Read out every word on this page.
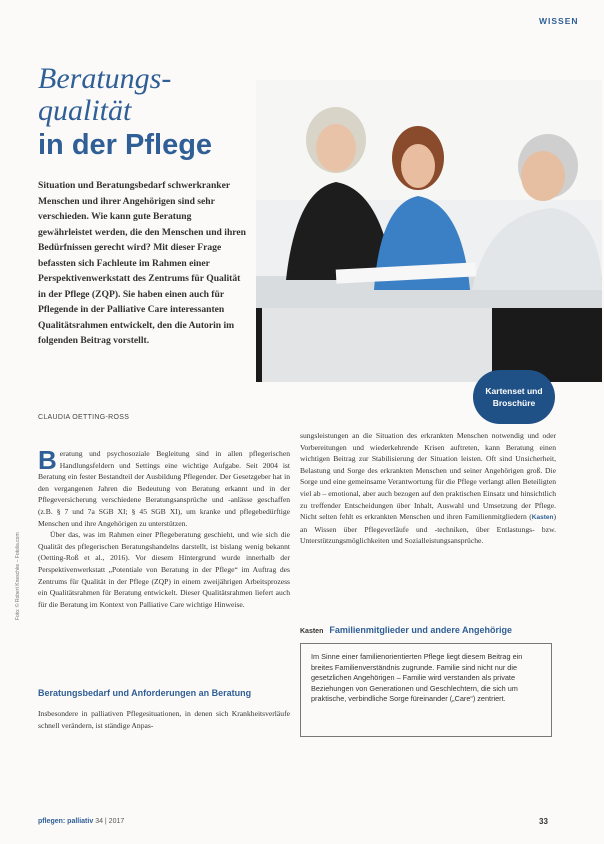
WISSEN
Beratungs-
qualität
in der Pflege
Situation und Beratungsbedarf schwerkranker Menschen und ihrer Angehörigen sind sehr verschieden. Wie kann gute Beratung gewährleistet werden, die den Menschen und ihren Bedürfnissen gerecht wird? Mit dieser Frage befassten sich Fachleute im Rahmen einer Perspektivenwerkstatt des Zentrums für Qualität in der Pflege (ZQP). Sie haben einen auch für Pflegende in der Palliative Care interessanten Qualitätsrahmen entwickelt, den die Autorin im folgenden Beitrag vorstellt.
Kartenset und
Broschüre
CLAUDIA OETTING-ROSS

Beratung und psychosoziale Begleitung sind in allen pflegerischen Handlungsfeldern und Settings eine wichtige Aufgabe. Seit 2004 ist Beratung ein fester Bestandteil der Ausbildung Pflegender. Der Gesetzgeber hat in den vergangenen Jahren die Bedeutung von Beratung erkannt und in der Pflegeversicherung verschiedene Beratungsansprüche und -anlässe geschaffen (z.B. § 7 und 7a SGB XI; § 45 SGB XI), um kranke und pflegebedürftige Menschen und ihre Angehörigen zu unterstützen.

Über das, was im Rahmen einer Pflegeberatung geschieht, und wie sich die Qualität des pflegerischen Beratungshandelns darstellt, ist bislang wenig bekannt (Oetting-Roß et al., 2016). Vor diesem Hintergrund wurde innerhalb der Perspektivenwerkstatt „Potentiale von Beratung in der Pflege“ im Auftrag des Zentrums für Qualität in der Pflege (ZQP) in einem zweijährigen Arbeitsprozess ein Qualitätsrahmen für Beratung entwickelt. Dieser Qualitätsrahmen liefert auch für die Beratung im Kontext von Palliative Care wichtige Hinweise.

Beratungsbedarf und Anforderungen an Beratung

Insbesondere in palliativen Pflegesituationen, in denen sich Krankheitsverläufe schnell verändern, ist ständige Anpas-

sungsleistungen an die Situation des erkrankten Menschen notwendig und oder Vorbereitungen und wiederkehrende Krisen auftreten, kann Beratung einen wichtigen Beitrag zur Stabilisierung der Situation leisten. Oft sind Unsicherheit, Belastung und Sorge des erkrankten Menschen und seiner Angehörigen groß. Die Sorge und eine gemeinsame Verantwortung für die Pflege verlangt allen Beteiligten viel ab – emotional, aber auch bezogen auf den praktischen Einsatz und hinsichtlich zu treffender Entscheidungen über Inhalt, Auswahl und Umsetzung der Pflege. Nicht selten fehlt es erkrankten Menschen und ihren Familienmitgliedern (Kasten) an Wissen über Pflegeverläufe und -techniken, über Entlastungs- bzw. Unterstützungsmöglichkeiten und Sozialleistungsansprüche.

Kasten Familienmitglieder und andere Angehörige
Im Sinne einer familienorientierten Pflege liegt diesem Beitrag ein breites Familienverständnis zugrunde. Familie sind nicht nur die gesetzlichen Angehörigen – Familie wird verstanden als private Beziehungen von Generationen und Geschlechtern, die sich um praktische, verbindliche Sorge füreinander („Care“) zentriert.
Foto: © Robert Kneschke – Fotolia.com
pflegen: palliativ 34 | 2017	33
